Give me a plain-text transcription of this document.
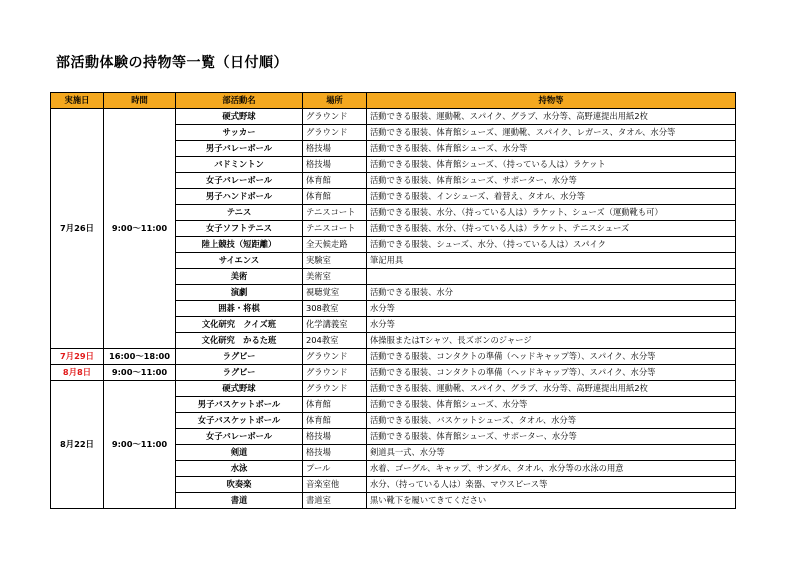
部活動体験の持物等一覧（日付順）
実施日	時間	部活動名	場所	持物等
7月26日	9:00～11:00	硬式野球	グラウンド	活動できる服装、運動靴、スパイク、グラブ、水分等、高野連提出用紙2枚
		サッカー	グラウンド	活動できる服装、体育館シューズ、運動靴、スパイク、レガース、タオル、水分等
		男子バレーボール	格技場	活動できる服装、体育館シューズ、水分等
		バドミントン	格技場	活動できる服装、体育館シューズ、（持っている人は）ラケット
		女子バレーボール	体育館	活動できる服装、体育館シューズ、サポーター、水分等
		男子ハンドボール	体育館	活動できる服装、インシューズ、着替え、タオル、水分等
		テニス	テニスコート	活動できる服装、水分、（持っている人は）ラケット、シューズ（運動靴も可）
		女子ソフトテニス	テニスコート	活動できる服装、水分、（持っている人は）ラケット、テニスシューズ
		陸上競技（短距離）	全天候走路	活動できる服装、シューズ、水分、（持っている人は）スパイク
		サイエンス	実験室	筆記用具
		美術	美術室	
		演劇	視聴覚室	活動できる服装、水分
		囲碁・将棋	308教室	水分等
		文化研究　クイズ班	化学講義室	水分等
		文化研究　かるた班	204教室	体操服またはTシャツ、長ズボンのジャージ
7月29日	16:00～18:00	ラグビー	グラウンド	活動できる服装、コンタクトの準備（ヘッドキャップ等）、スパイク、水分等
8月8日	9:00～11:00	ラグビー	グラウンド	活動できる服装、コンタクトの準備（ヘッドキャップ等）、スパイク、水分等
8月22日	9:00～11:00	硬式野球	グラウンド	活動できる服装、運動靴、スパイク、グラブ、水分等、高野連提出用紙2枚
		男子バスケットボール	体育館	活動できる服装、体育館シューズ、水分等
		女子バスケットボール	体育館	活動できる服装、バスケットシューズ、タオル、水分等
		女子バレーボール	格技場	活動できる服装、体育館シューズ、サポーター、水分等
		剣道	格技場	剣道具一式、水分等
		水泳	プール	水着、ゴーグル、キャップ、サンダル、タオル、水分等の水泳の用意
		吹奏楽	音楽室他	水分、（持っている人は）楽器、マウスピース等
		書道	書道室	黒い靴下を履いてきてください
